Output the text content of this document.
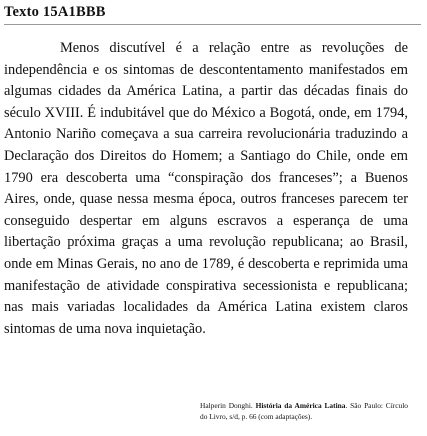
Texto 15A1BBB

Menos discutível é a relação entre as revoluções de independência e os sintomas de descontentamento manifestados em algumas cidades da América Latina, a partir das décadas finais do século XVIII. É indubitável que do México a Bogotá, onde, em 1794, Antonio Nariño começava a sua carreira revolucionária traduzindo a Declaração dos Direitos do Homem; a Santiago do Chile, onde em 1790 era descoberta uma “conspiração dos franceses”; a Buenos Aires, onde, quase nessa mesma época, outros franceses parecem ter conseguido despertar em alguns escravos a esperança de uma libertação próxima graças a uma revolução republicana; ao Brasil, onde em Minas Gerais, no ano de 1789, é descoberta e reprimida uma manifestação de atividade conspirativa secessionista e republicana; nas mais variadas localidades da América Latina existem claros sintomas de uma nova inquietação.

Halperin Donghi. História da América Latina. São Paulo: Círculo do Livro, s/d, p. 66 (com adaptações).
